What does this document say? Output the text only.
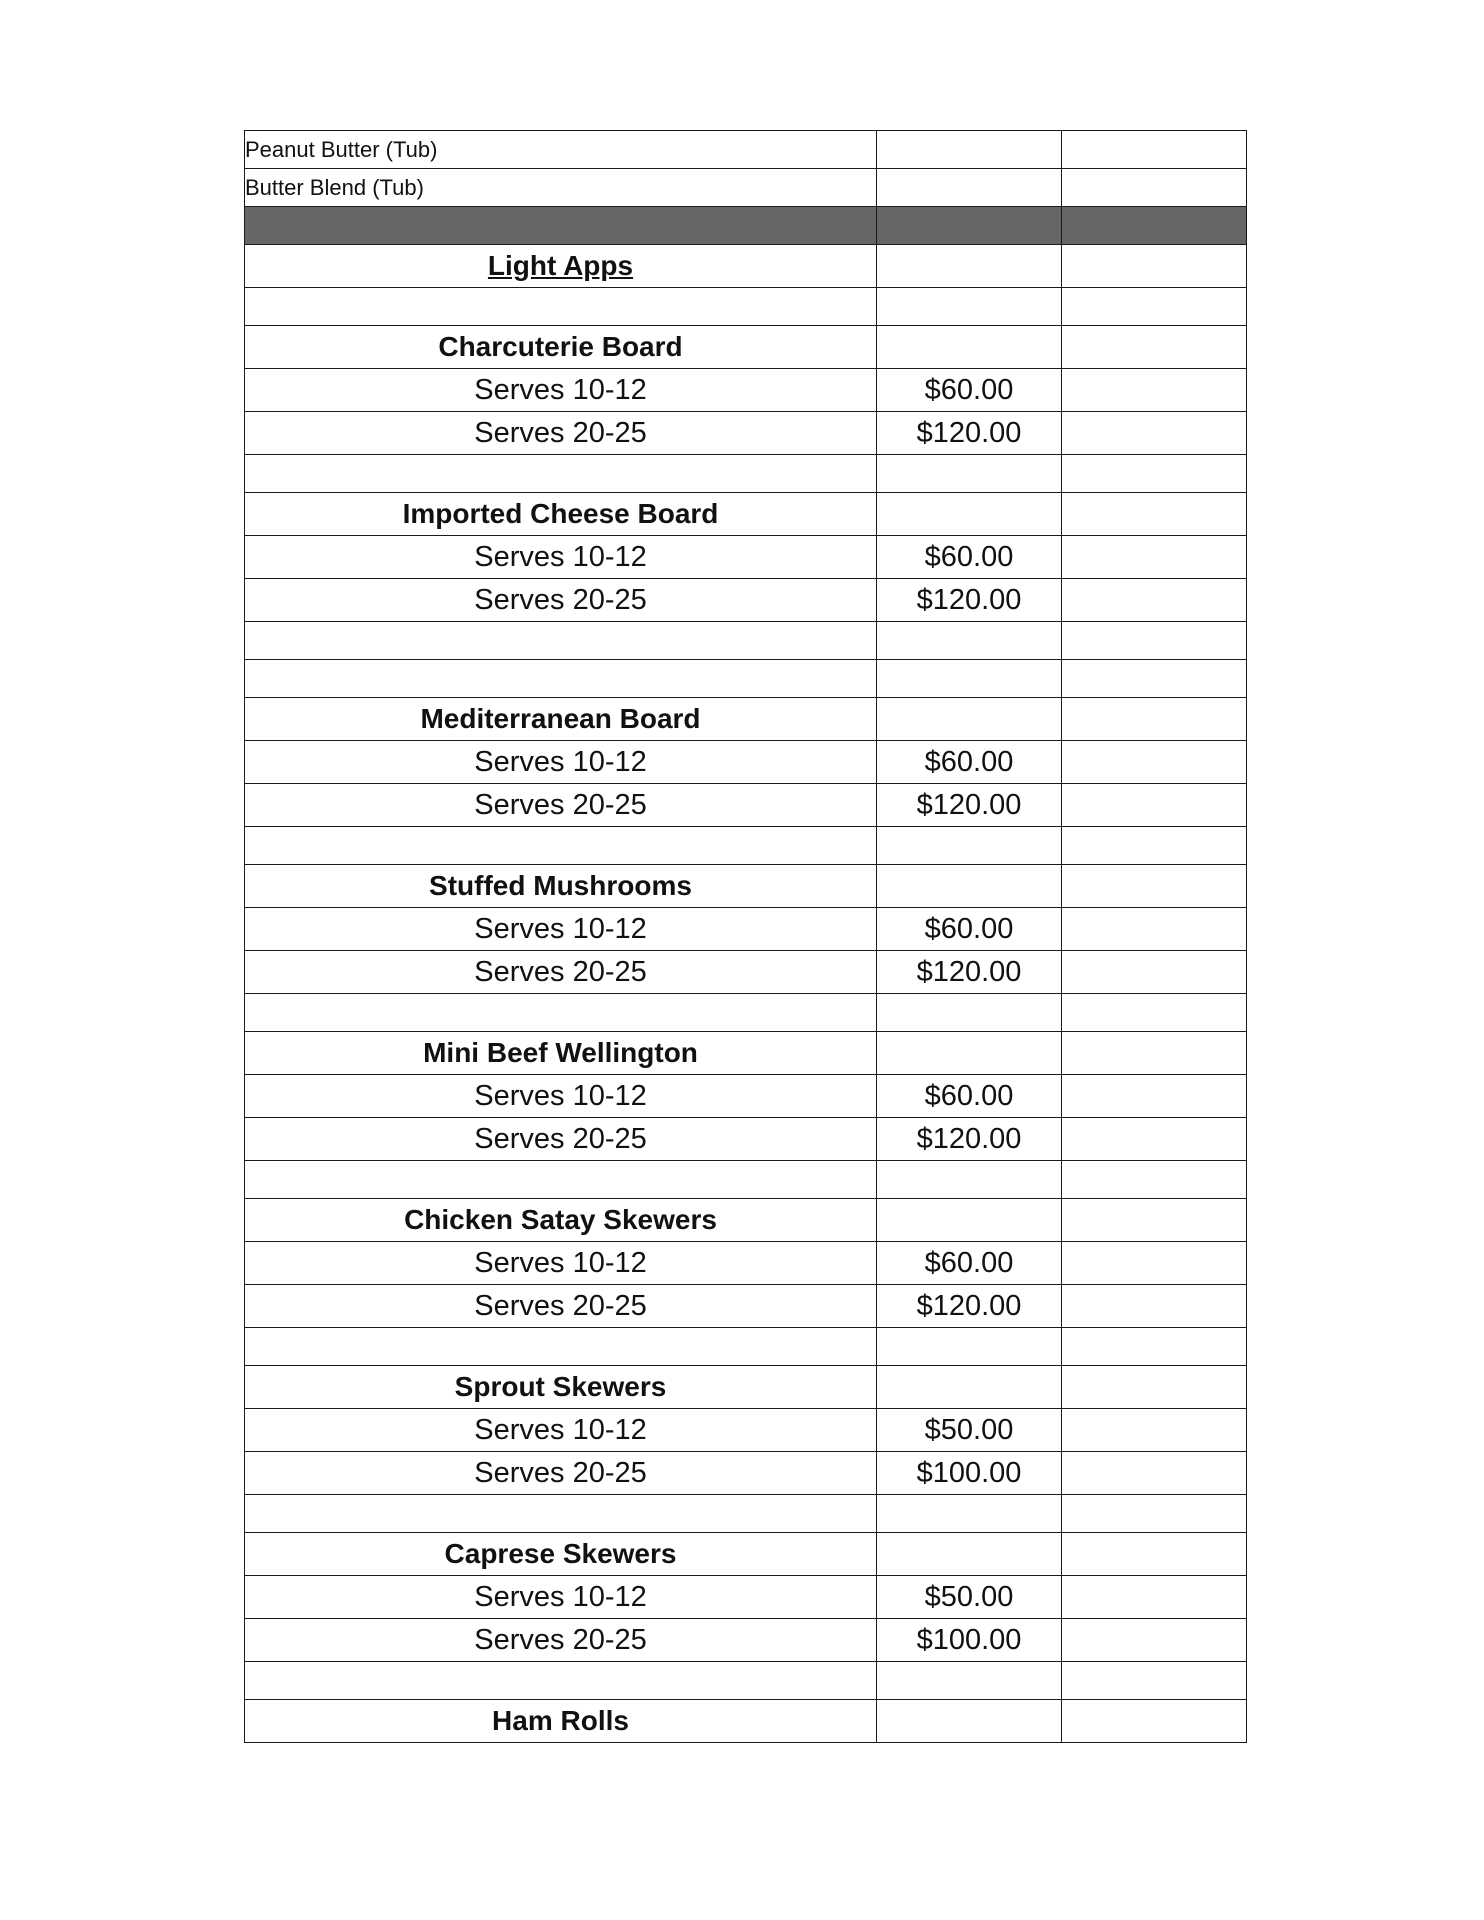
Peanut Butter (Tub)		
Butter Blend (Tub)		

Light Apps		

Charcuterie Board		
Serves 10-12	$60.00	
Serves 20-25	$120.00	

Imported Cheese Board		
Serves 10-12	$60.00	
Serves 20-25	$120.00	

Mediterranean Board		
Serves 10-12	$60.00	
Serves 20-25	$120.00	

Stuffed Mushrooms		
Serves 10-12	$60.00	
Serves 20-25	$120.00	

Mini Beef Wellington		
Serves 10-12	$60.00	
Serves 20-25	$120.00	

Chicken Satay Skewers		
Serves 10-12	$60.00	
Serves 20-25	$120.00	

Sprout Skewers		
Serves 10-12	$50.00	
Serves 20-25	$100.00	

Caprese Skewers		
Serves 10-12	$50.00	
Serves 20-25	$100.00	

Ham Rolls		
